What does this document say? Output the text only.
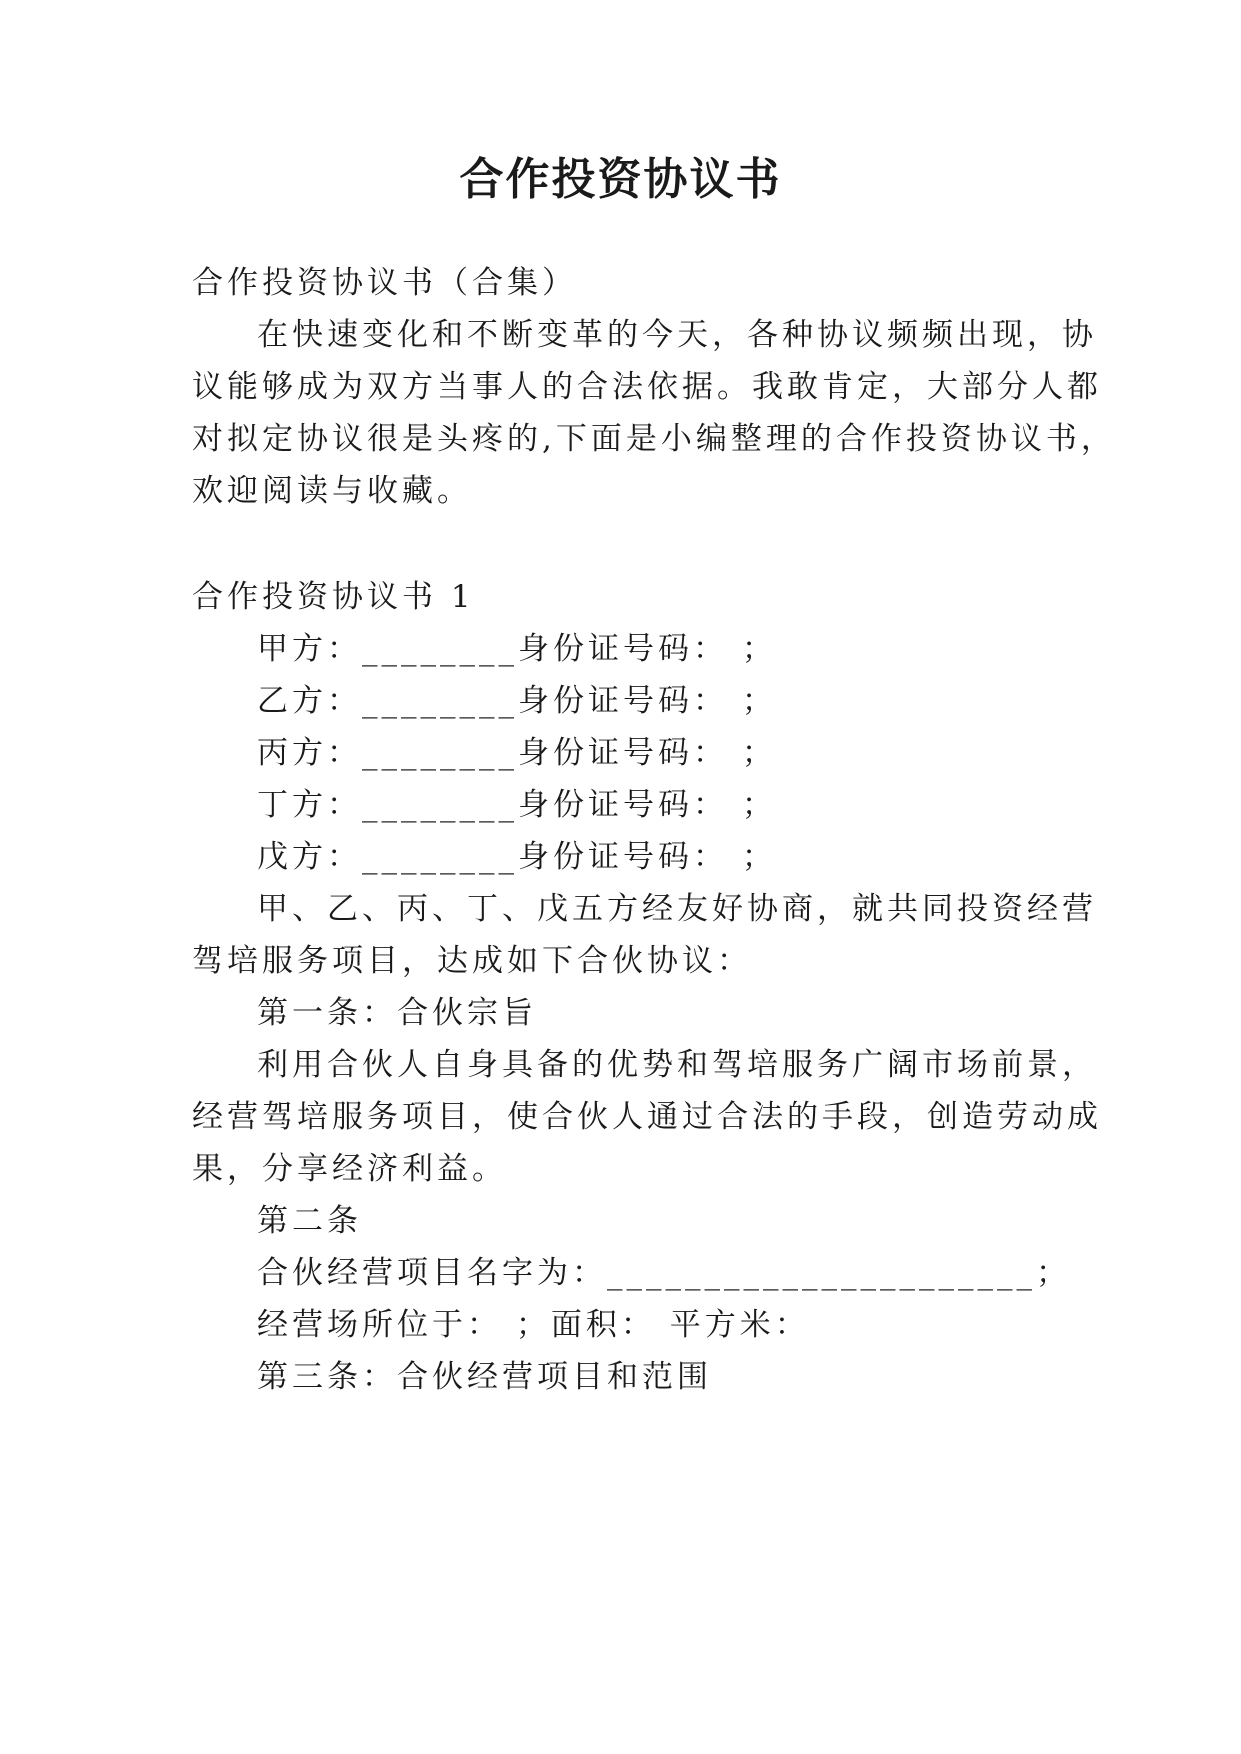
合作投资协议书
合作投资协议书（合集）
在快速变化和不断变革的今天，各种协议频频出现，协
议能够成为双方当事人的合法依据。我敢肯定，大部分人都
对拟定协议很是头疼的,下面是小编整理的合作投资协议书，
欢迎阅读与收藏。
合作投资协议书 1
甲方：________身份证号码： ；
乙方：________身份证号码： ；
丙方：________身份证号码： ；
丁方：________身份证号码： ；
戊方：________身份证号码： ；
甲、乙、丙、丁、戊五方经友好协商，就共同投资经营
驾培服务项目，达成如下合伙协议：
第一条：合伙宗旨
利用合伙人自身具备的优势和驾培服务广阔市场前景，
经营驾培服务项目，使合伙人通过合法的手段，创造劳动成
果，分享经济利益。
第二条
合伙经营项目名字为：______________________；
经营场所位于： ；面积： 平方米：
第三条：合伙经营项目和范围
